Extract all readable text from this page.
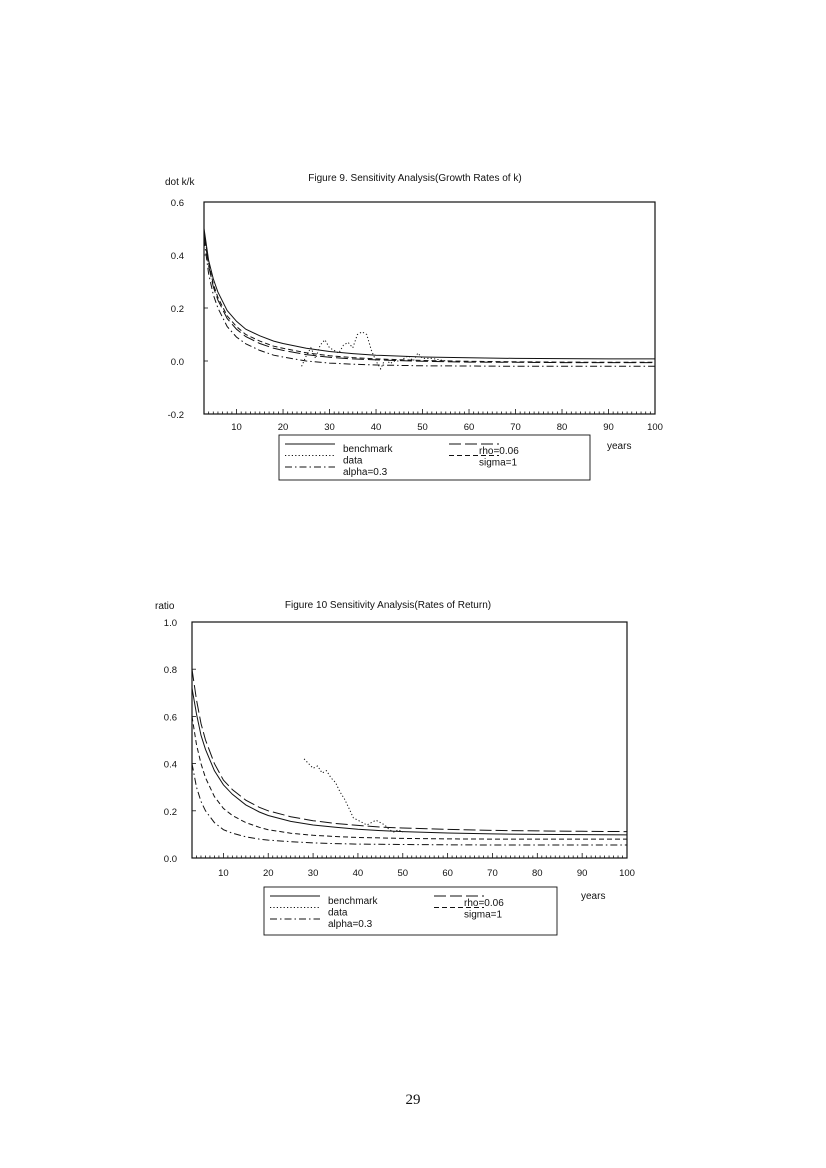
Figure 9. Sensitivity Analysis(Growth Rates of k)
dot k/k
years
10	20	30	40	50	60	70	80	90	100
0.6
0.4
0.2
0.0
-0.2
benchmark
data
alpha=0.3
rho=0.06
sigma=1
Figure 10 Sensitivity Analysis(Rates of Return)
ratio
years
10	20	30	40	50	60	70	80	90	100
1.0
0.8
0.6
0.4
0.2
0.0
benchmark
data
alpha=0.3
rho=0.06
sigma=1
29
